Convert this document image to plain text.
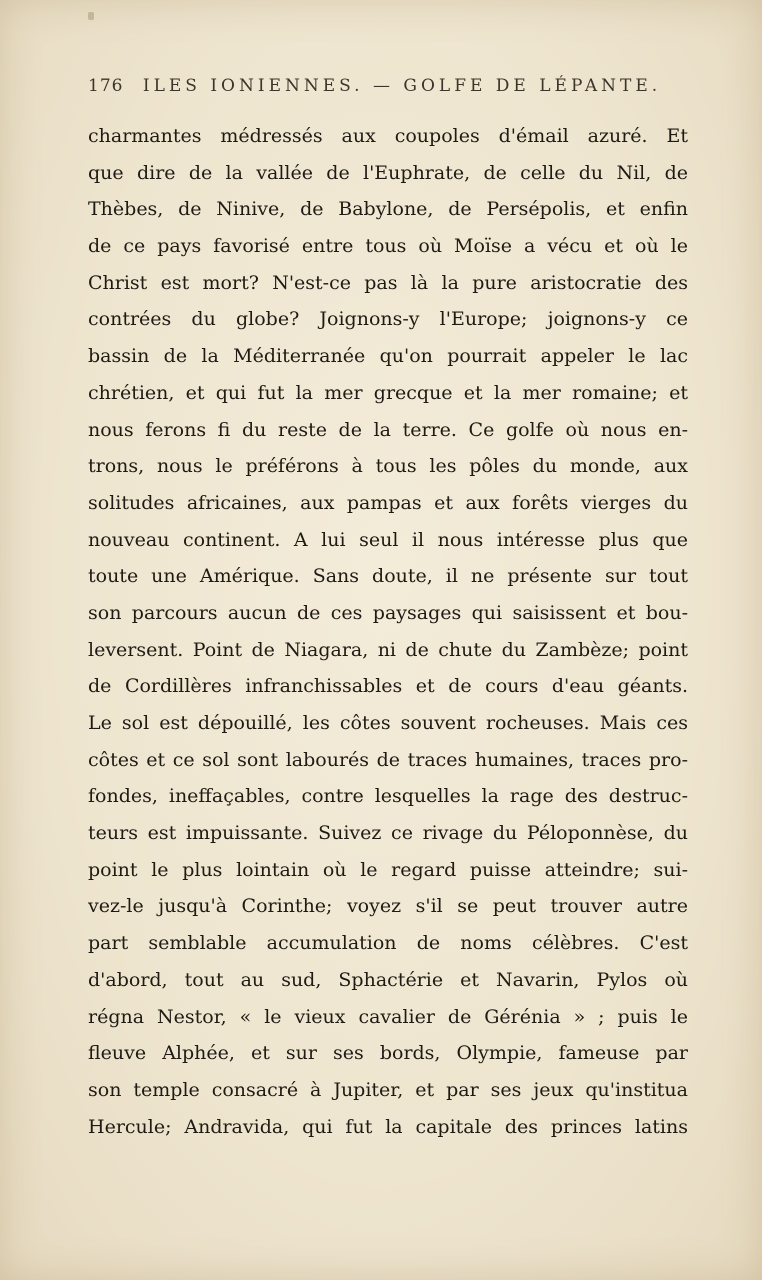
176 ILES IONIENNES. — GOLFE DE LÉPANTE.
charmantes médressés aux coupoles d'émail azuré. Et
que dire de la vallée de l'Euphrate, de celle du Nil, de
Thèbes, de Ninive, de Babylone, de Persépolis, et enfin
de ce pays favorisé entre tous où Moïse a vécu et où le
Christ est mort? N'est-ce pas là la pure aristocratie des
contrées du globe? Joignons-y l'Europe; joignons-y ce
bassin de la Méditerranée qu'on pourrait appeler le lac
chrétien, et qui fut la mer grecque et la mer romaine; et
nous ferons fi du reste de la terre. Ce golfe où nous en-
trons, nous le préférons à tous les pôles du monde, aux
solitudes africaines, aux pampas et aux forêts vierges du
nouveau continent. A lui seul il nous intéresse plus que
toute une Amérique. Sans doute, il ne présente sur tout
son parcours aucun de ces paysages qui saisissent et bou-
leversent. Point de Niagara, ni de chute du Zambèze; point
de Cordillères infranchissables et de cours d'eau géants.
Le sol est dépouillé, les côtes souvent rocheuses. Mais ces
côtes et ce sol sont labourés de traces humaines, traces pro-
fondes, ineffaçables, contre lesquelles la rage des destruc-
teurs est impuissante. Suivez ce rivage du Péloponnèse, du
point le plus lointain où le regard puisse atteindre; sui-
vez-le jusqu'à Corinthe; voyez s'il se peut trouver autre
part semblable accumulation de noms célèbres. C'est
d'abord, tout au sud, Sphactérie et Navarin, Pylos où
régna Nestor, « le vieux cavalier de Gérénia » ; puis le
fleuve Alphée, et sur ses bords, Olympie, fameuse par
son temple consacré à Jupiter, et par ses jeux qu'institua
Hercule; Andravida, qui fut la capitale des princes latins
